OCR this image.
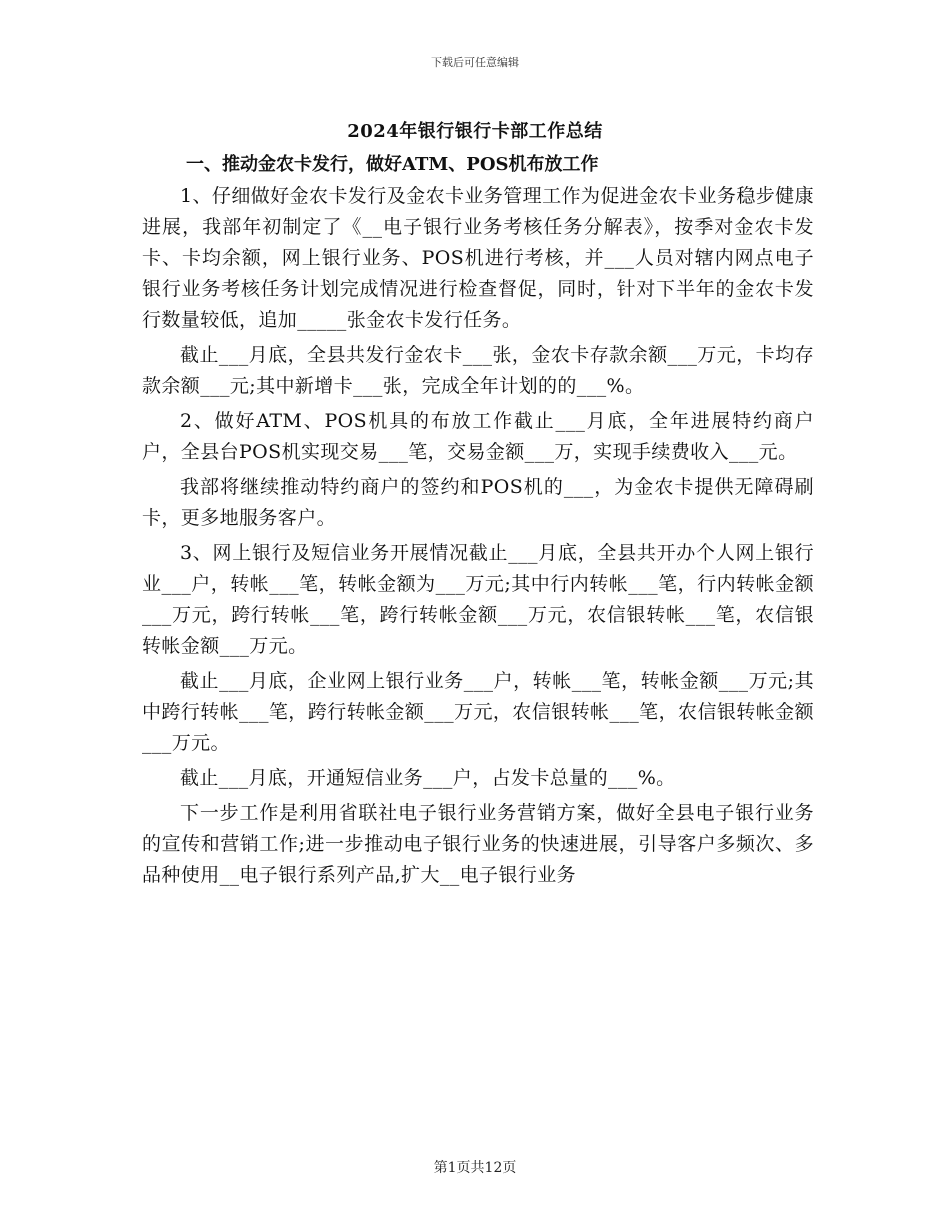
下载后可任意编辑
2024年银行银行卡部工作总结
一、推动金农卡发行，做好ATM、POS机布放工作

1、仔细做好金农卡发行及金农卡业务管理工作为促进金农卡业务稳步健康进展，我部年初制定了《__电子银行业务考核任务分解表》，按季对金农卡发卡、卡均余额，网上银行业务、POS机进行考核，并___人员对辖内网点电子银行业务考核任务计划完成情况进行检查督促，同时，针对下半年的金农卡发行数量较低，追加_____张金农卡发行任务。

截止___月底，全县共发行金农卡___张，金农卡存款余额___万元，卡均存款余额___元;其中新增卡___张，完成全年计划的的___%。

2、做好ATM、POS机具的布放工作截止___月底，全年进展特约商户户，全县台POS机实现交易___笔，交易金额___万，实现手续费收入___元。

我部将继续推动特约商户的签约和POS机的___，为金农卡提供无障碍刷卡，更多地服务客户。

3、网上银行及短信业务开展情况截止___月底，全县共开办个人网上银行业___户，转帐___笔，转帐金额为___万元;其中行内转帐___笔，行内转帐金额___万元，跨行转帐___笔，跨行转帐金额___万元，农信银转帐___笔，农信银转帐金额___万元。

截止___月底，企业网上银行业务___户，转帐___笔，转帐金额___万元;其中跨行转帐___笔，跨行转帐金额___万元，农信银转帐___笔，农信银转帐金额___万元。

截止___月底，开通短信业务___户，占发卡总量的___%。

下一步工作是利用省联社电子银行业务营销方案，做好全县电子银行业务的宣传和营销工作;进一步推动电子银行业务的快速进展，引导客户多频次、多品种使用__电子银行系列产品,扩大__电子银行业务

第1页共12页
